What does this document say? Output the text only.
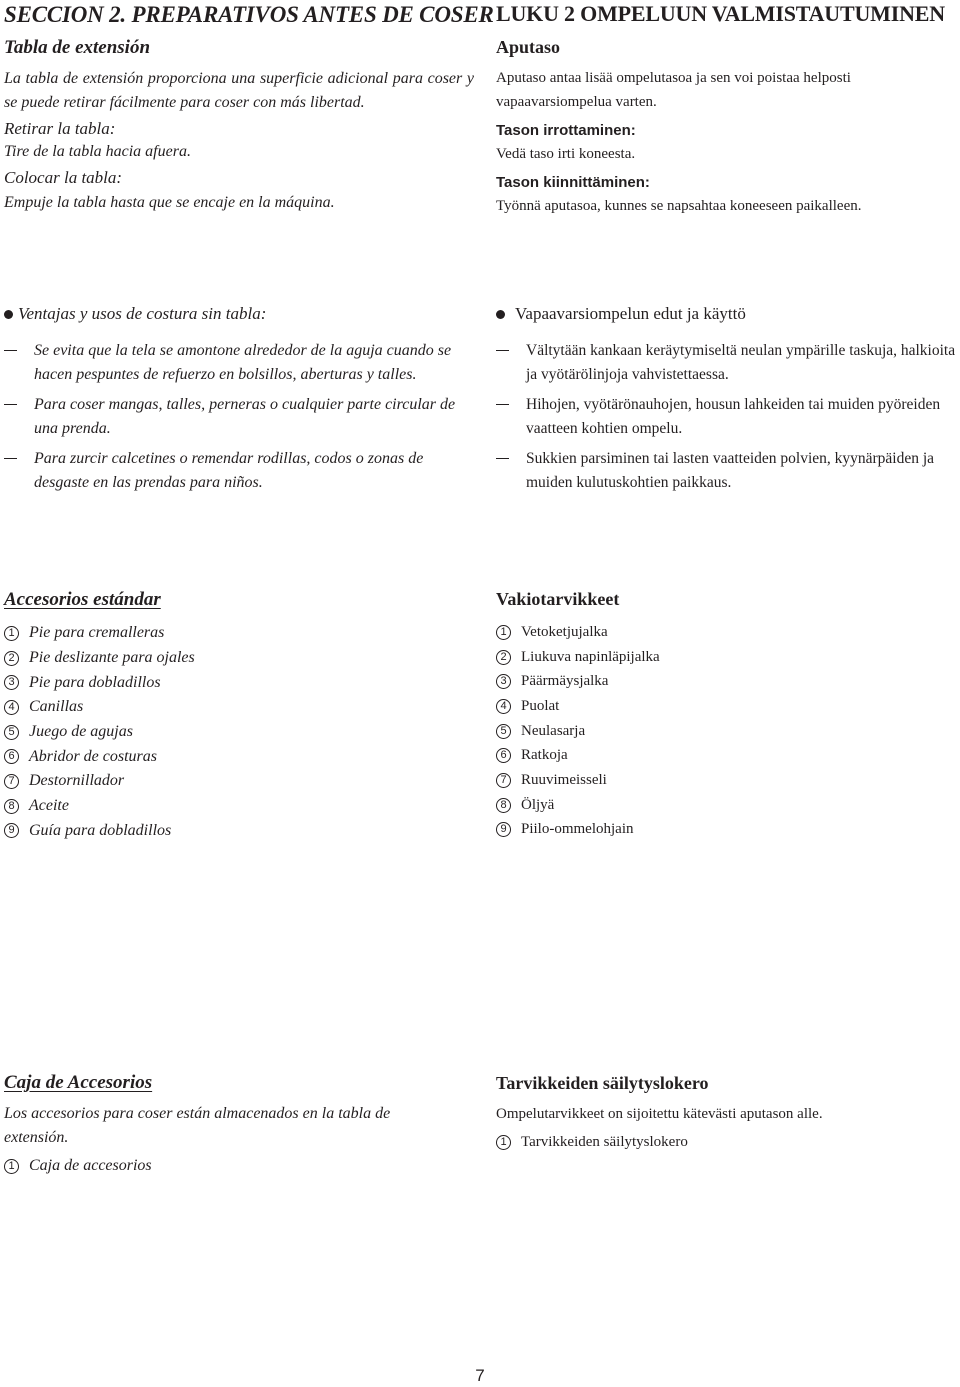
SECCION 2. PREPARATIVOS ANTES DE COSER
Tabla de extensión

La tabla de extensión proporciona una superficie adicional para coser y se puede retirar fácilmente para coser con más libertad.

Retirar la tabla:

Tire de la tabla hacia afuera.

Colocar la tabla:

Empuje la tabla hasta que se encaje en la máquina.

Ventajas y usos de costura sin tabla:

Se evita que la tela se amontone alrededor de la aguja cuando se hacen pespuntes de refuerzo en bolsillos, aberturas y talles.
Para coser mangas, talles, perneras o cualquier parte circular de una prenda.
Para zurcir calcetines o remendar rodillas, codos o zonas de desgaste en las prendas para niños.
Accesorios estándar
1 Pie para cremalleras
2 Pie deslizante para ojales
3 Pie para dobladillos
4 Canillas
5 Juego de agujas
6 Abridor de costuras
7 Destornillador
8 Aceite
9 Guía para dobladillos
Caja de Accesorios

Los accesorios para coser están almacenados en la tabla de extensión.

1 Caja de accesorios
LUKU 2 OMPELUUN VALMISTAUTUMINEN
Aputaso

Aputaso antaa lisää ompelutasoa ja sen voi poistaa helposti vapaavarsiompelua varten.

Tason irrottaminen:

Vedä taso irti koneesta.

Tason kiinnittäminen:

Työnnä aputasoa, kunnes se napsahtaa koneeseen paikalleen.

Vapaavarsiompelun edut ja käyttö

Vältytään kankaan keräytymiseltä neulan ympärille taskuja, halkioita ja vyötärölinjoja vahvistettaessa.
Hihojen, vyötärönauhojen, housun lahkeiden tai muiden pyöreiden vaatteen kohtien ompelu.
Sukkien parsiminen tai lasten vaatteiden polvien, kyynärpäiden ja muiden kulutuskohtien paikkaus.
Vakiotarvikkeet
1 Vetoketjujalka
2 Liukuva napinläpijalka
3 Päärmäysjalka
4 Puolat
5 Neulasarja
6 Ratkoja
7 Ruuvimeisseli
8 Öljyä
9 Piilo-ommelohjain
Tarvikkeiden säilytyslokero

Ompelutarvikkeet on sijoitettu kätevästi aputason alle.

1 Tarvikkeiden säilytyslokero
7
